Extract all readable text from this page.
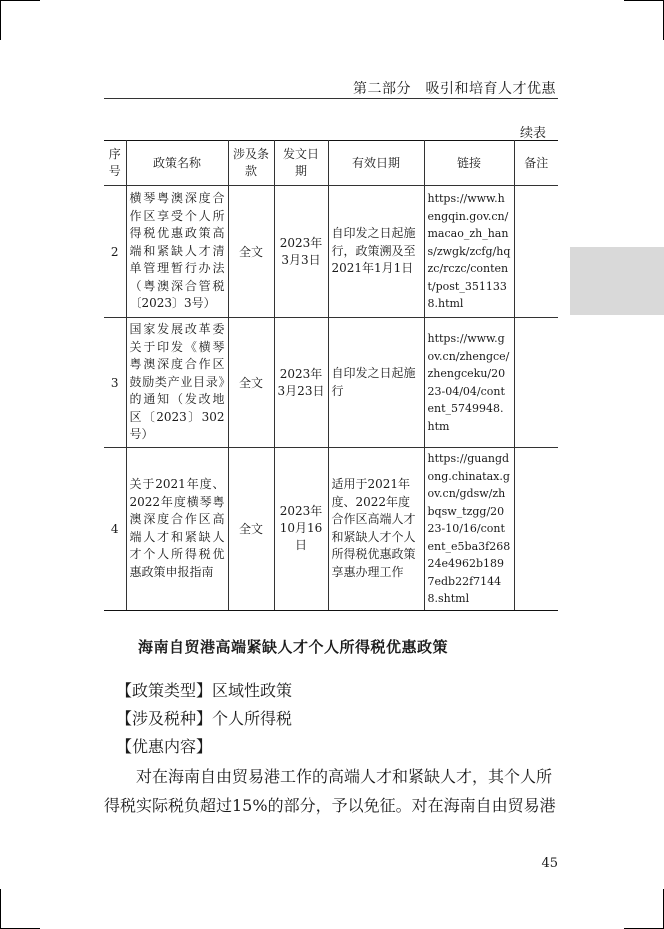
第二部分　吸引和培育人才优惠
续表
序号	政策名称	涉及条款	发文日期	有效日期	链接	备注
2	横琴粤澳深度合作区享受个人所得税优惠政策高端和紧缺人才清单管理暂行办法（粤澳深合管税〔2023〕3号）	全文	2023年3月3日	自印发之日起施行，政策溯及至2021年1月1日	https://www.hengqin.gov.cn/macao_zh_hans/zwgk/zcfg/hqzc/rczc/content/post_3511338.html	
3	国家发展改革委关于印发《横琴粤澳深度合作区鼓励类产业目录》的通知（发改地区〔2023〕302号）	全文	2023年3月23日	自印发之日起施行	https://www.gov.cn/zhengce/zhengceku/2023-04/04/content_5749948.htm	
4	关于2021年度、2022年度横琴粤澳深度合作区高端人才和紧缺人才个人所得税优惠政策申报指南	全文	2023年10月16日	适用于2021年度、2022年度合作区高端人才和紧缺人才个人所得税优惠政策享惠办理工作	https://guangdong.chinatax.gov.cn/gdsw/zhbqsw_tzgg/2023-10/16/content_e5ba3f26824e4962b1897edb22f71448.shtml	
海南自贸港高端紧缺人才个人所得税优惠政策
【政策类型】区域性政策
【涉及税种】个人所得税
【优惠内容】
　　对在海南自由贸易港工作的高端人才和紧缺人才，其个人所
得税实际税负超过15%的部分，予以免征。对在海南自由贸易港
45
